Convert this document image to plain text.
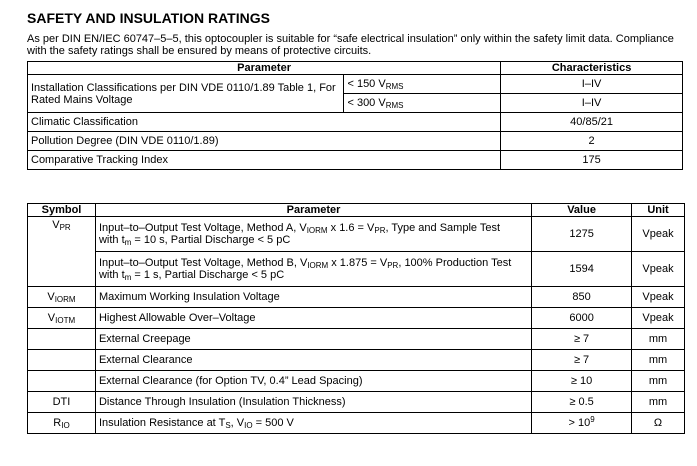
SAFETY AND INSULATION RATINGS
As per DIN EN/IEC 60747–5–5, this optocoupler is suitable for “safe electrical insulation” only within the safety limit data. Compliance with the safety ratings shall be ensured by means of protective circuits.
Parameter		Characteristics
Installation Classifications per DIN VDE 0110/1.89 Table 1, For Rated Mains Voltage	< 150 $V_{RMS}$	I–IV
	< 300 $V_{RMS}$	I–IV
Climatic Classification		40/85/21
Pollution Degree (DIN VDE 0110/1.89)		2
Comparative Tracking Index		175
Symbol	Parameter	Value	Unit
$V_{PR}$	Input–to–Output Test Voltage, Method A, $V_{IORM}$ x $1.6 = V_{PR}$, Type and Sample Test
with $t_m = 10$ s, Partial Discharge < 5 pC	1275	Vpeak
	Input–to–Output Test Voltage, Method B, $V_{IORM}$ x $1.875 = V_{PR}$, 100% Production Test
with $t_m = 1$ s, Partial Discharge < 5 pC	1594	Vpeak
$V_{IORM}$	Maximum Working Insulation Voltage	850	Vpeak
$V_{IOTM}$	Highest Allowable Over–Voltage	6000	Vpeak
	External Creepage	≥ 7	mm
	External Clearance	≥ 7	mm
	External Clearance (for Option TV, 0.4” Lead Spacing)	≥ 10	mm
DTI	Distance Through Insulation (Insulation Thickness)	≥ 0.5	mm
$R_{IO}$	Insulation Resistance at $T_S$, $V_{IO} = 500$ V	> $10^9$	Ω
